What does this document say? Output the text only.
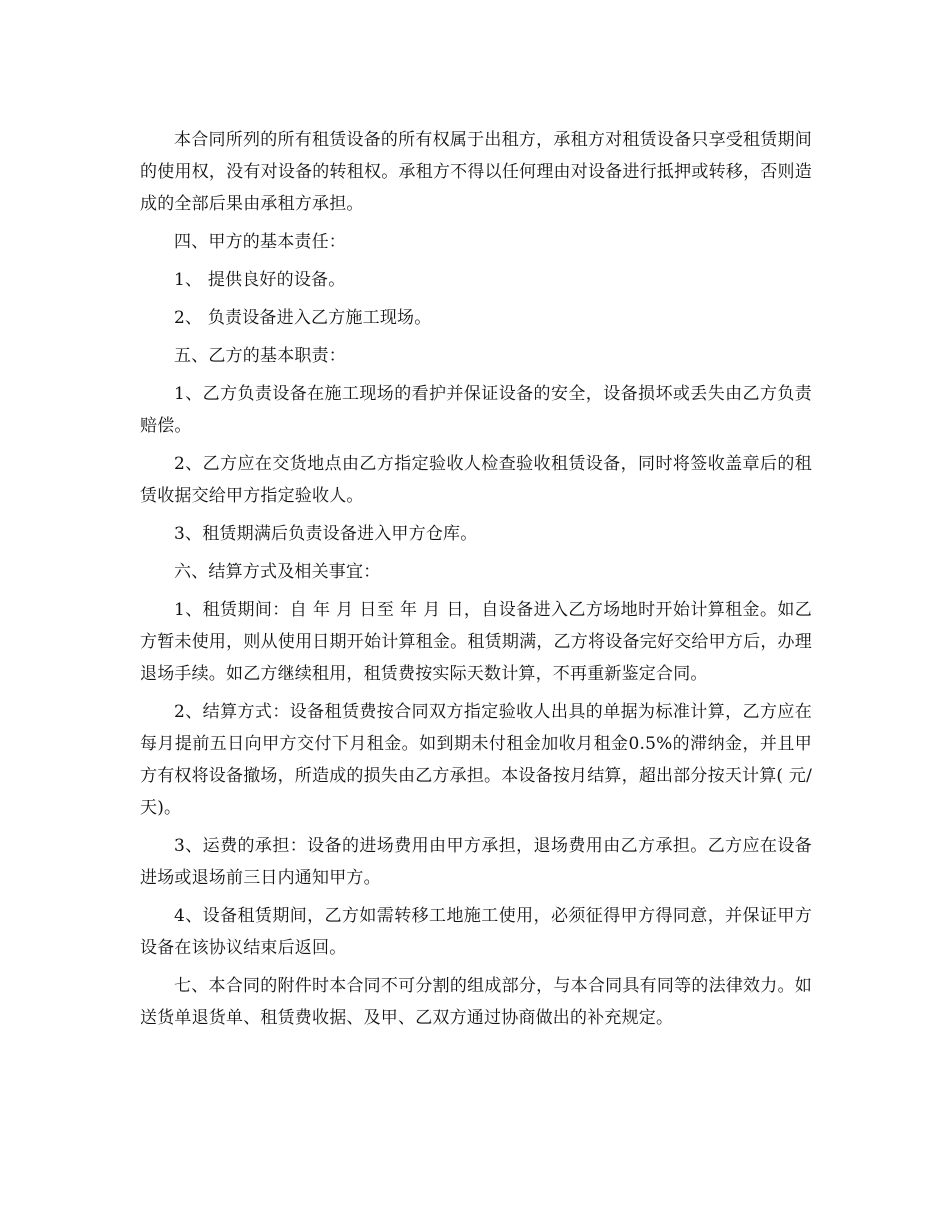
本合同所列的所有租赁设备的所有权属于出租方，承租方对租赁设备只享受租赁期间的使用权，没有对设备的转租权。承租方不得以任何理由对设备进行抵押或转移，否则造成的全部后果由承租方承担。

四、甲方的基本责任：

1、 提供良好的设备。

2、 负责设备进入乙方施工现场。

五、乙方的基本职责：

1、乙方负责设备在施工现场的看护并保证设备的安全，设备损坏或丢失由乙方负责赔偿。

2、乙方应在交货地点由乙方指定验收人检查验收租赁设备，同时将签收盖章后的租赁收据交给甲方指定验收人。

3、租赁期满后负责设备进入甲方仓库。

六、结算方式及相关事宜：

1、租赁期间：自 年 月 日至 年 月 日，自设备进入乙方场地时开始计算租金。如乙方暂未使用，则从使用日期开始计算租金。租赁期满，乙方将设备完好交给甲方后，办理退场手续。如乙方继续租用，租赁费按实际天数计算，不再重新鉴定合同。

2、结算方式：设备租赁费按合同双方指定验收人出具的单据为标准计算，乙方应在每月提前五日向甲方交付下月租金。如到期未付租金加收月租金0.5%的滞纳金，并且甲方有权将设备撤场，所造成的损失由乙方承担。本设备按月结算，超出部分按天计算( 元/天)。

3、运费的承担：设备的进场费用由甲方承担，退场费用由乙方承担。乙方应在设备进场或退场前三日内通知甲方。

4、设备租赁期间，乙方如需转移工地施工使用，必须征得甲方得同意，并保证甲方设备在该协议结束后返回。

七、本合同的附件时本合同不可分割的组成部分，与本合同具有同等的法律效力。如送货单退货单、租赁费收据、及甲、乙双方通过协商做出的补充规定。
